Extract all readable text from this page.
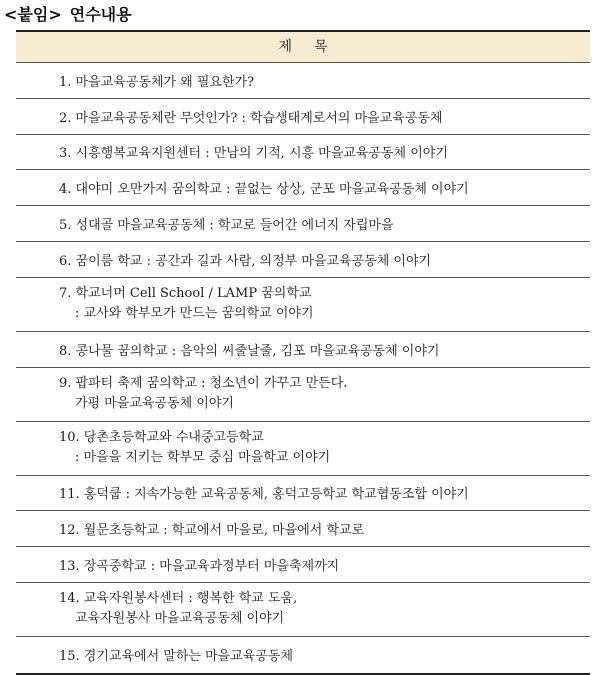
<붙임> 연수내용
제 목
1. 마을교육공동체가 왜 필요한가?
2. 마을교육공동체란 무엇인가? : 학습생태계로서의 마을교육공동체
3. 시흥행복교육지원센터 : 만남의 기적, 시흥 마을교육공동체 이야기
4. 대야미 오만가지 꿈의학교 : 끝없는 상상, 군포 마을교육공동체 이야기
5. 성대골 마을교육공동체 : 학교로 들어간 에너지 자립마을
6. 꿈이룸 학교 : 공간과 길과 사람, 의정부 마을교육공동체 이야기
7. 학교너머 Cell School / LAMP 꿈의학교
: 교사와 학부모가 만드는 꿈의학교 이야기
8. 콩나물 꿈의학교 : 음악의 씨줄날줄, 김포 마을교육공동체 이야기
9. 팝파티 축제 꿈의학교 : 청소년이 가꾸고 만든다.
가평 마을교육공동체 이야기
10. 당촌초등학교와 수내중고등학교
: 마을을 지키는 학부모 중심 마을학교 이야기
11. 홍덕쿱 : 지속가능한 교육공동체, 홍덕고등학교 학교협동조합 이야기
12. 월문초등학교 : 학교에서 마을로, 마을에서 학교로
13. 장곡중학교 : 마을교육과정부터 마을축제까지
14. 교육자원봉사센터 : 행복한 학교 도움,
교육자원봉사 마을교육공동체 이야기
15. 경기교육에서 말하는 마을교육공동체
